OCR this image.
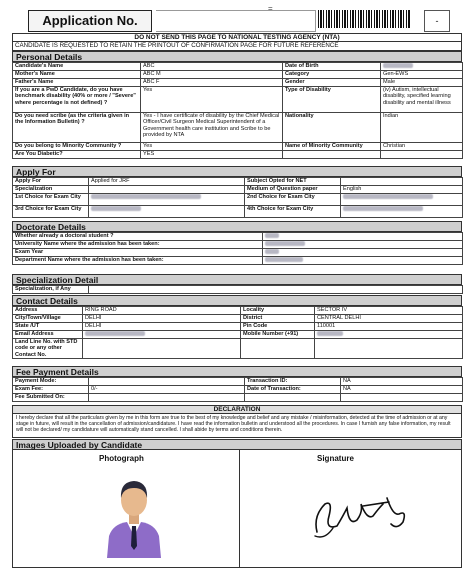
=
Application No.	-
DO NOT SEND THIS PAGE TO NATIONAL TESTING AGENCY (NTA)
CANDIDATE IS REQUESTED TO RETAIN THE PRINTOUT OF CONFIRMATION PAGE FOR FUTURE REFERENCE
Personal Details
Candidate's Name	ABC	Date of Birth	
Mother's Name	ABC M	Category	Gen-EWS
Father's Name	ABC F	Gender	Male
If you are a PwD Candidate, do you have benchmark disability (40% or more / "Severe" where percentage is not defined) ?	Yes	Type of Disability	(iv) Autism, intellectual disability, specified learning disability and mental illness
Do you need scribe (as the criteria given in the Information Bulletin) ?	Yes - I have certificate of disability by the Chief Medical Officer/Civil Surgeon Medical Superintendent of a Government health care institution and Scribe to be provided by NTA	Nationality	Indian
Do you belong to Minority Community ?	Yes	Name of Minority Community	Christian
Are You Diabetic?	YES		
Apply For
Apply For	Applied for JRF	Subject Opted for NET	
Specialization		Medium of Question paper	English
1st Choice for Exam City		2nd Choice for Exam City	
3rd Choice for Exam City		4th Choice for Exam City	
Doctorate Details
Whether already a doctoral student ?	
University Name where the admission has been taken:	
Exam Year	
Department Name where the admission has been taken:	
Specialization Detail
Specialization, if Any	
Contact Details
Address	RING ROAD	Locality	SECTOR IV
City/Town/Village	DELHI	District	CENTRAL DELHI
State /UT	DELHI	Pin Code	110001
Email Address		Mobile Number (+91)	
Land Line No. with STD code or any other Contact No.			
Fee Payment Details
Payment Mode:		Transaction ID:	NA
Exam Fee:	0/-	Date of Transaction:	NA
Fee Submitted On:			
DECLARATION
I hereby declare that all the particulars given by me in this form are true to the best of my knowledge and belief and any mistake / misinformation, detected at the time of admission or at any stage in future, will result in the cancellation of admission/candidature. I have read the information bulletin and understood all the procedures. In case I furnish any false information, my result will not be declared/ my candidature will automatically stand cancelled. I shall abide by terms and conditions therein.
Images Uploaded by Candidate
Photograph	Signature
